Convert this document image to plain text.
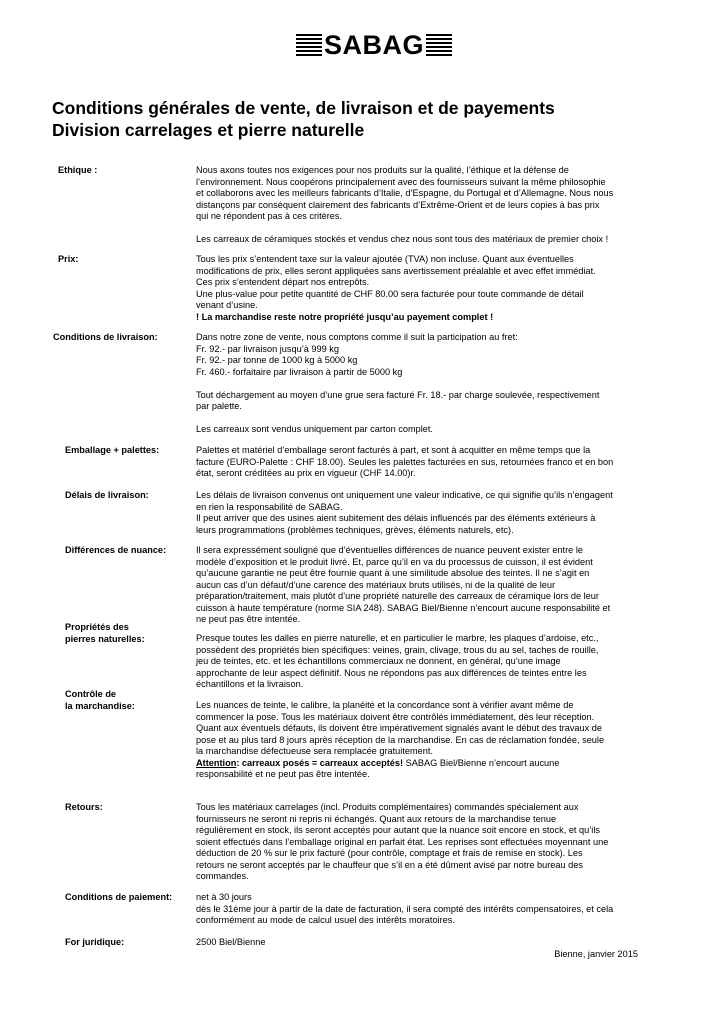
SABAG
Conditions générales de vente, de livraison et de payements
Division carrelages et pierre naturelle
Ethique :	Nous axons toutes nos exigences pour nos produits sur la qualité, l’éthique et la défense de
l’environnement. Nous coopérons principalement avec des fournisseurs suivant la même philosophie
et collaborons avec les meilleurs fabricants d’Italie, d’Espagne, du Portugal et d’Allemagne. Nous nous
distançons par conséquent clairement des fabricants d’Extrême-Orient et de leurs copies à bas prix
qui ne répondent pas à ces critères.

Les carreaux de céramiques stockés et vendus chez nous sont tous des matériaux de premier choix !

Prix:	Tous les prix s’entendent taxe sur la valeur ajoutée (TVA) non incluse. Quant aux éventuelles
modifications de prix, elles seront appliquées sans avertissement préalable et avec effet immédiat.
Ces prix s’entendent départ nos entrepôts.
Une plus-value pour petite quantité de CHF 80.00 sera facturée pour toute commande de détail
venant d’usine.

! La marchandise reste notre propriété jusqu’au payement complet !

Conditions de livraison:	Dans notre zone de vente, nous comptons comme il suit la participation au fret:
Fr. 92.- par livraison jusqu’à 999 kg
Fr. 92.- par tonne de 1000 kg à 5000 kg
Fr. 460.- forfaitaire par livraison à partir de 5000 kg

Tout déchargement au moyen d’une grue sera facturé Fr. 18.- par charge soulevée, respectivement
par palette.

Les carreaux sont vendus uniquement par carton complet.

Emballage + palettes:	Palettes et matériel d’emballage seront facturés à part, et sont à acquitter en même temps que la
facture (EURO-Palette : CHF 18.00). Seules les palettes facturées en sus, retournées franco et en bon
état, seront créditées au prix en vigueur (CHF 14.00)r.

Délais de livraison:	Les délais de livraison convenus ont uniquement une valeur indicative, ce qui signifie qu’ils n’engagent
en rien la responsabilité de SABAG.
Il peut arriver que des usines aient subitement des délais influencés par des éléments extérieurs à
leurs programmations (problèmes techniques, grèves, éléments naturels, etc).

Différences de nuance:	Il sera expressément souligné que d’éventuelles différences de nuance peuvent exister entre le
modèle d’exposition et le produit livré. Et, parce qu’il en va du processus de cuisson, il est évident
qu’aucune garantie ne peut être fournie quant à une similitude absolue des teintes. Il ne s’agit en
aucun cas d’un défaut/d’une carence des matériaux bruts utilisés, ni de la qualité de leur
préparation/traitement, mais plutôt d’une propriété naturelle des carreaux de céramique lors de leur
cuisson à haute température (norme SIA 248). SABAG Biel/Bienne n’encourt aucune responsabilité et
ne peut pas être intentée.

Propriétés des
pierres naturelles:	Presque toutes les dalles en pierre naturelle, et en particulier le marbre, les plaques d’ardoise, etc.,
possèdent des propriétés bien spécifiques: veines, grain, clivage, trous du au sel, taches de rouille,
jeu de teintes, etc. et les échantillons commerciaux ne donnent, en général, qu’une image
approchante de leur aspect définitif. Nous ne répondons pas aux différences de teintes entre les
échantillons et la livraison.

Contrôle de
la marchandise:	Les nuances de teinte, le calibre, la planéité et la concordance sont à vérifier avant même de
commencer la pose. Tous les matériaux doivent être contrôlés immédiatement, dès leur réception.
Quant aux éventuels défauts, ils doivent être impérativement signalés avant le début des travaux de
pose et au plus tard 8 jours après réception de la marchandise. En cas de réclamation fondée, seule
la marchandise défectueuse sera remplacée gratuitement.

Attention: carreaux posés = carreaux acceptés! SABAG Biel/Bienne n’encourt aucune
responsabilité et ne peut pas être intentée.

Retours:	Tous les matériaux carrelages (incl. Produits complémentaires) commandés spécialement aux
fournisseurs ne seront ni repris ni échangés. Quant aux retours de la marchandise tenue
régulièrement en stock, ils seront acceptés pour autant que la nuance soit encore en stock, et qu’ils
soient effectués dans l’emballage original en parfait état. Les reprises sont effectuées moyennant une
déduction de 20 % sur le prix facturé (pour contrôle, comptage et frais de remise en stock). Les
retours ne seront acceptés par le chauffeur que s’il en a été dûment avisé par notre bureau des
commandes.

Conditions de paiement:	net à 30 jours
dès le 31ème jour à partir de la date de facturation, il sera compté des intérêts compensatoires, et cela
conformément au mode de calcul usuel des intérêts moratoires.

For juridique:	2500 Biel/Bienne

Bienne, janvier 2015
